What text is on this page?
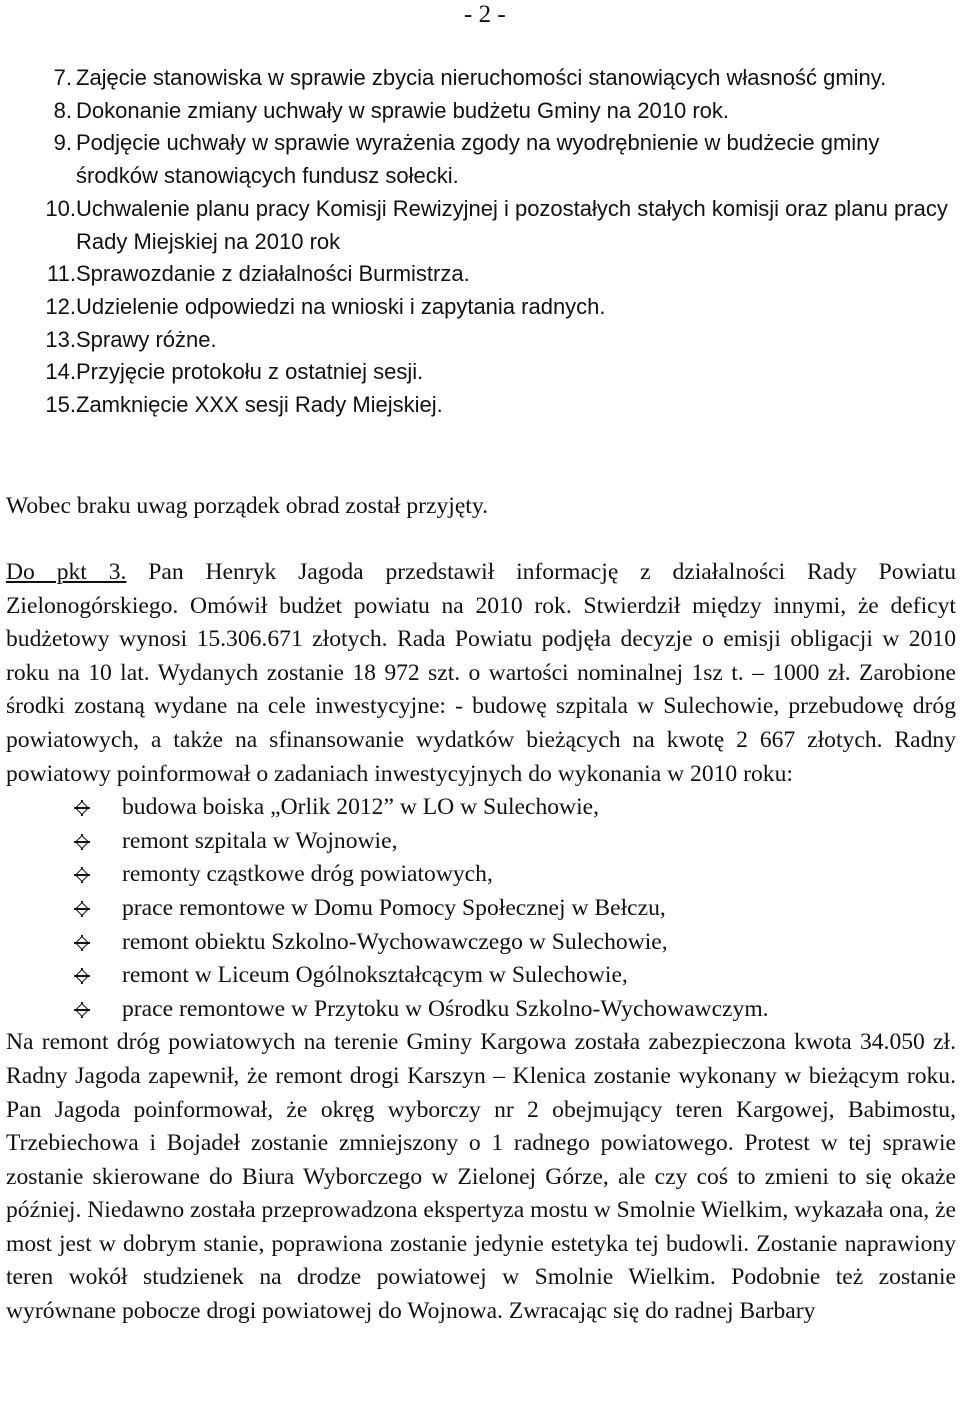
- 2 -
7. Zajęcie stanowiska w sprawie zbycia nieruchomości stanowiących własność gminy.
8. Dokonanie zmiany uchwały w sprawie budżetu Gminy na 2010 rok.
9. Podjęcie uchwały w sprawie wyrażenia zgody na wyodrębnienie w budżecie gminy środków stanowiących fundusz sołecki.
10. Uchwalenie planu pracy Komisji Rewizyjnej i pozostałych stałych komisji oraz planu pracy Rady Miejskiej na 2010 rok
11. Sprawozdanie z działalności Burmistrza.
12. Udzielenie odpowiedzi na wnioski i zapytania radnych.
13. Sprawy różne.
14. Przyjęcie protokołu z ostatniej sesji.
15. Zamknięcie XXX sesji Rady Miejskiej.

Wobec braku uwag porządek obrad został przyjęty.

Do pkt 3. Pan Henryk Jagoda przedstawił informację z działalności Rady Powiatu Zielonogórskiego. Omówił budżet powiatu na 2010 rok. Stwierdził między innymi, że deficyt budżetowy wynosi 15.306.671 złotych. Rada Powiatu podjęła decyzje o emisji obligacji w 2010 roku na 10 lat. Wydanych zostanie 18 972 szt. o wartości nominalnej 1sz t. – 1000 zł. Zarobione środki zostaną wydane na cele inwestycyjne: - budowę szpitala w Sulechowie, przebudowę dróg powiatowych, a także na sfinansowanie wydatków bieżących na kwotę 2 667 złotych. Radny powiatowy poinformował o zadaniach inwestycyjnych do wykonania w 2010 roku:

budowa boiska „Orlik 2012” w LO w Sulechowie,
remont szpitala w Wojnowie,
remonty cząstkowe dróg powiatowych,
prace remontowe w Domu Pomocy Społecznej w Bełczu,
remont obiektu Szkolno-Wychowawczego w Sulechowie,
remont w Liceum Ogólnokształcącym w Sulechowie,
prace remontowe w Przytoku w Ośrodku Szkolno-Wychowawczym.

Na remont dróg powiatowych na terenie Gminy Kargowa została zabezpieczona kwota 34.050 zł. Radny Jagoda zapewnił, że remont drogi Karszyn – Klenica zostanie wykonany w bieżącym roku. Pan Jagoda poinformował, że okręg wyborczy nr 2 obejmujący teren Kargowej, Babimostu, Trzebiechowa i Bojadeł zostanie zmniejszony o 1 radnego powiatowego. Protest w tej sprawie zostanie skierowane do Biura Wyborczego w Zielonej Górze, ale czy coś to zmieni to się okaże później. Niedawno została przeprowadzona ekspertyza mostu w Smolnie Wielkim, wykazała ona, że most jest w dobrym stanie, poprawiona zostanie jedynie estetyka tej budowli. Zostanie naprawiony teren wokół studzienek na drodze powiatowej w Smolnie Wielkim. Podobnie też zostanie wyrównane pobocze drogi powiatowej do Wojnowa. Zwracając się do radnej Barbary
